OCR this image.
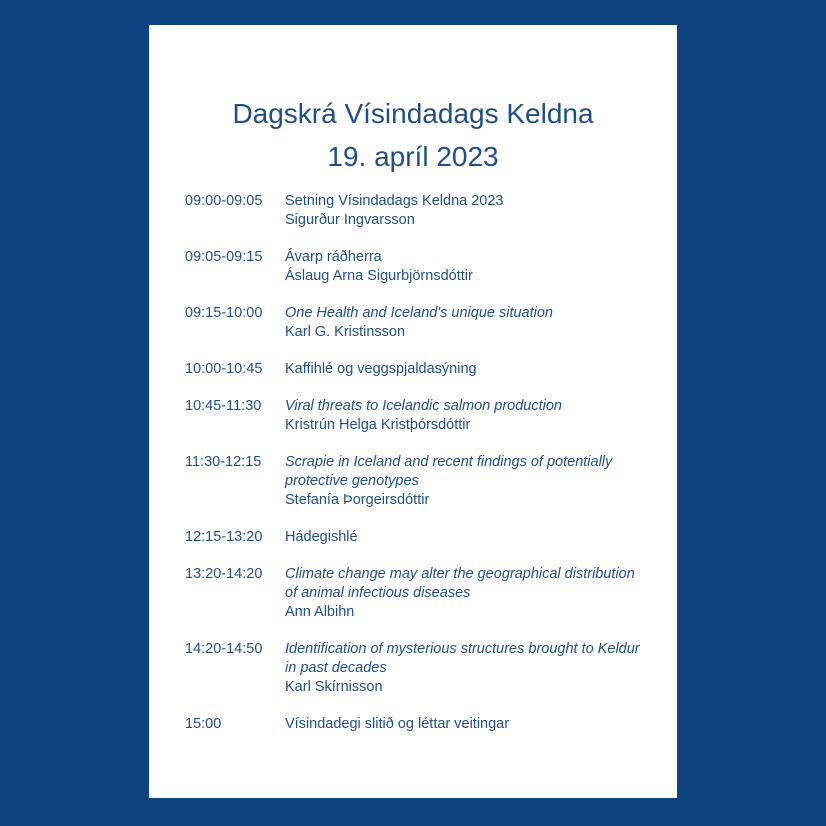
Dagskrá Vísindadags Keldna
19. apríl 2023
09:00-09:05	Setning Vísindadags Keldna 2023
Sigurður Ingvarsson
09:05-09:15	Ávarp ráðherra
Áslaug Arna Sigurbjörnsdóttir
09:15-10:00	One Health and Iceland's unique situation
Karl G. Kristinsson
10:00-10:45	Kaffihlé og veggspjaldasýning
10:45-11:30	Viral threats to Icelandic salmon production
Kristrún Helga Kristþórsdóttir
11:30-12:15	Scrapie in Iceland and recent findings of potentially protective genotypes
Stefanía Þorgeirsdóttir
12:15-13:20	Hádegishlé
13:20-14:20	Climate change may alter the geographical distribution of animal infectious diseases
Ann Albihn
14:20-14:50	Identification of mysterious structures brought to Keldur in past decades
Karl Skírnisson
15:00	Vísindadegi slitið og léttar veitingar
